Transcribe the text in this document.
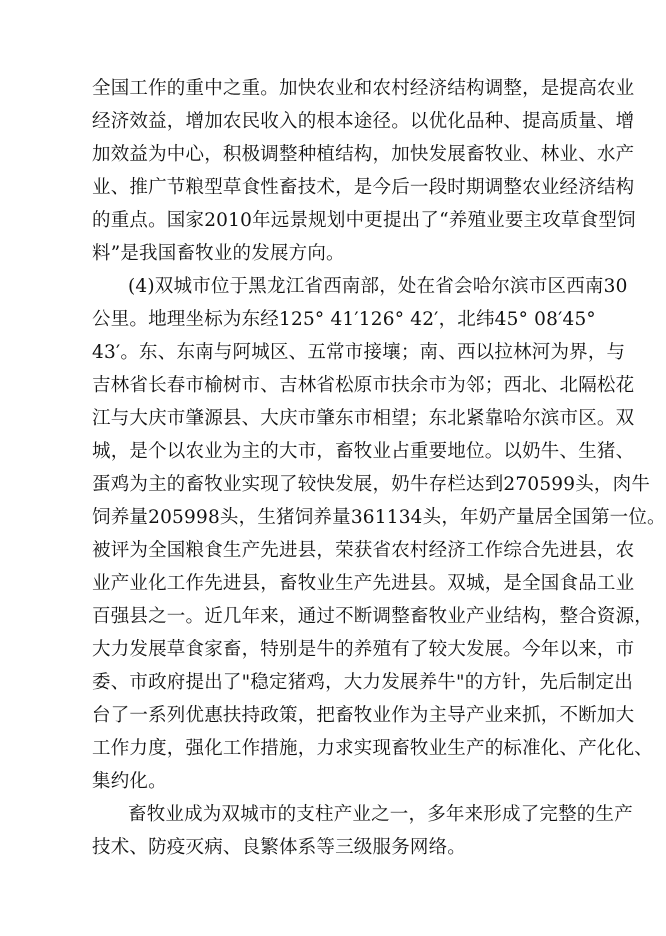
全国工作的重中之重。加快农业和农村经济结构调整，是提高农业
经济效益，增加农民收入的根本途径。以优化品种、提高质量、增
加效益为中心，积极调整种植结构，加快发展畜牧业、林业、水产
业、推广节粮型草食性畜技术，是今后一段时期调整农业经济结构
的重点。国家2010年远景规划中更提出了“养殖业要主攻草食型饲
料”是我国畜牧业的发展方向。
(4)双城市位于黑龙江省西南部，处在省会哈尔滨市区西南30
公里。地理坐标为东经125° 41′126° 42′，北纬45° 08′45°
43′。东、东南与阿城区、五常市接壤；南、西以拉林河为界，与
吉林省长春市榆树市、吉林省松原市扶余市为邻；西北、北隔松花
江与大庆市肇源县、大庆市肇东市相望；东北紧靠哈尔滨市区。双
城，是个以农业为主的大市，畜牧业占重要地位。以奶牛、生猪、
蛋鸡为主的畜牧业实现了较快发展，奶牛存栏达到270599头，肉牛
饲养量205998头，生猪饲养量361134头，年奶产量居全国第一位。
被评为全国粮食生产先进县，荣获省农村经济工作综合先进县，农
业产业化工作先进县，畜牧业生产先进县。双城，是全国食品工业
百强县之一。近几年来，通过不断调整畜牧业产业结构，整合资源，
大力发展草食家畜，特别是牛的养殖有了较大发展。今年以来，市
委、市政府提出了"稳定猪鸡，大力发展养牛"的方针，先后制定出
台了一系列优惠扶持政策，把畜牧业作为主导产业来抓，不断加大
工作力度，强化工作措施，力求实现畜牧业生产的标准化、产化化、
集约化。
畜牧业成为双城市的支柱产业之一，多年来形成了完整的生产
技术、防疫灭病、良繁体系等三级服务网络。
